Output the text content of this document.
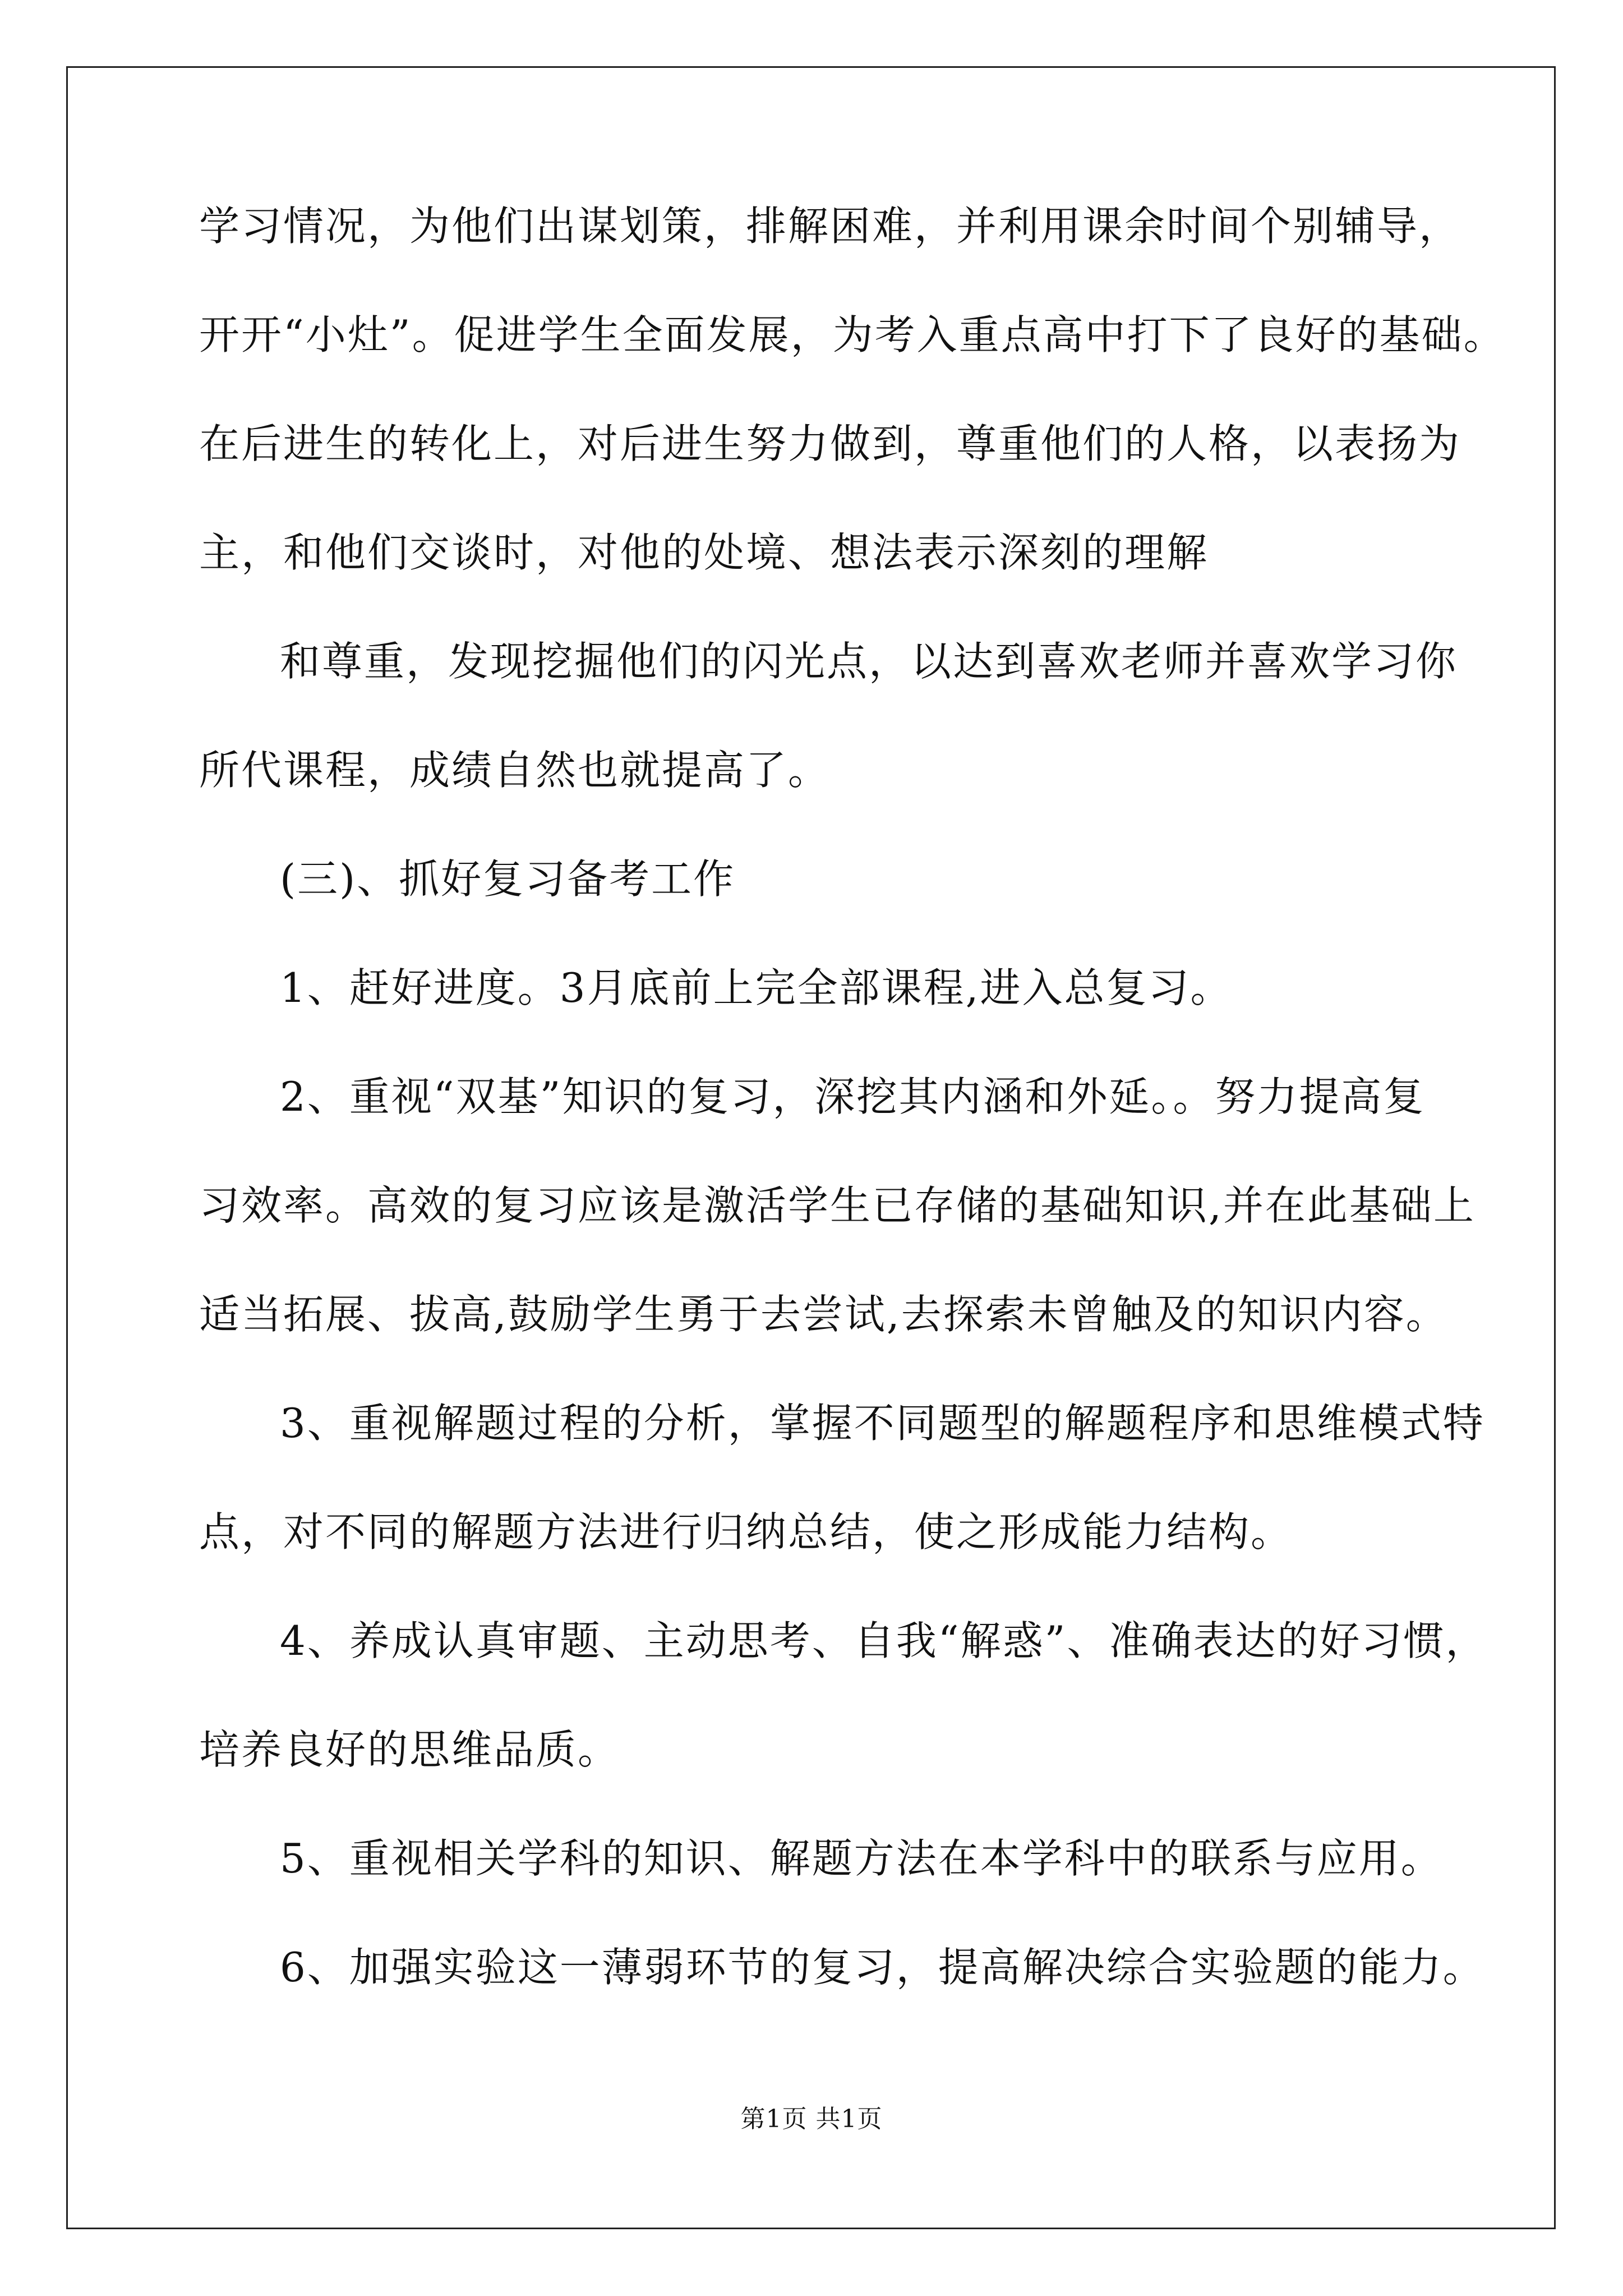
学习情况，为他们出谋划策，排解困难，并利用课余时间个别辅导，
开开“小灶”。促进学生全面发展，为考入重点高中打下了良好的基础。
在后进生的转化上，对后进生努力做到，尊重他们的人格，以表扬为
主，和他们交谈时，对他的处境、想法表示深刻的理解
和尊重，发现挖掘他们的闪光点，以达到喜欢老师并喜欢学习你
所代课程，成绩自然也就提高了。
(三)、抓好复习备考工作
1、赶好进度。3月底前上完全部课程,进入总复习。
2、重视“双基”知识的复习，深挖其内涵和外延。。努力提高复
习效率。高效的复习应该是激活学生已存储的基础知识,并在此基础上
适当拓展、拔高,鼓励学生勇于去尝试,去探索未曾触及的知识内容。
3、重视解题过程的分析，掌握不同题型的解题程序和思维模式特
点，对不同的解题方法进行归纳总结，使之形成能力结构。
4、养成认真审题、主动思考、自我“解惑”、准确表达的好习惯，
培养良好的思维品质。
5、重视相关学科的知识、解题方法在本学科中的联系与应用。
6、加强实验这一薄弱环节的复习，提高解决综合实验题的能力。
第1页 共1页
